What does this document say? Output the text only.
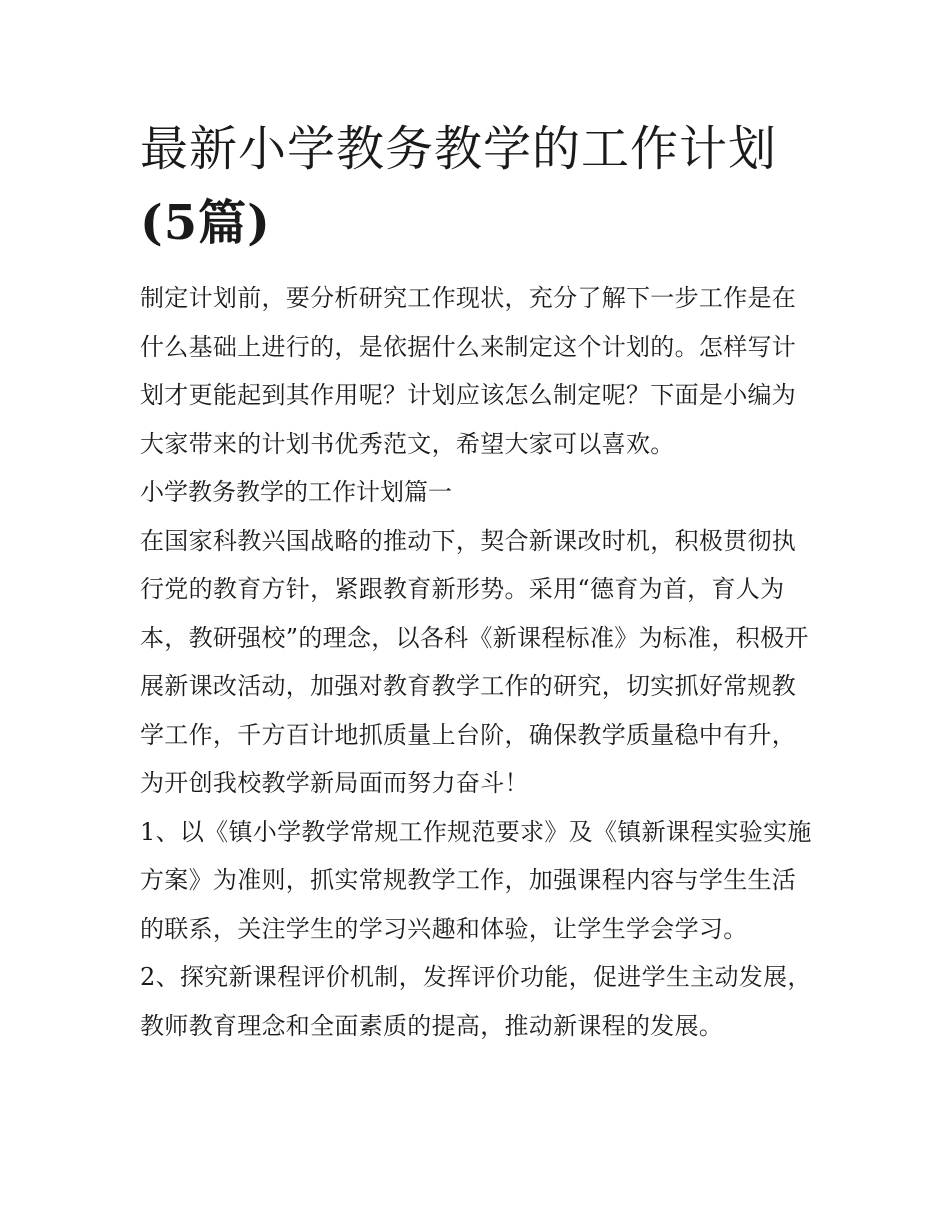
最新小学教务教学的工作计划
(5篇)

制定计划前，要分析研究工作现状，充分了解下一步工作是在什么基础上进行的，是依据什么来制定这个计划的。怎样写计划才更能起到其作用呢？计划应该怎么制定呢？下面是小编为大家带来的计划书优秀范文，希望大家可以喜欢。

小学教务教学的工作计划篇一

在国家科教兴国战略的推动下，契合新课改时机，积极贯彻执行党的教育方针，紧跟教育新形势。采用“德育为首，育人为本，教研强校”的理念，以各科《新课程标准》为标准，积极开展新课改活动，加强对教育教学工作的研究，切实抓好常规教学工作，千方百计地抓质量上台阶，确保教学质量稳中有升，为开创我校教学新局面而努力奋斗！

1、以《镇小学教学常规工作规范要求》及《镇新课程实验实施方案》为准则，抓实常规教学工作，加强课程内容与学生生活的联系，关注学生的学习兴趣和体验，让学生学会学习。

2、探究新课程评价机制，发挥评价功能，促进学生主动发展，教师教育理念和全面素质的提高，推动新课程的发展。
